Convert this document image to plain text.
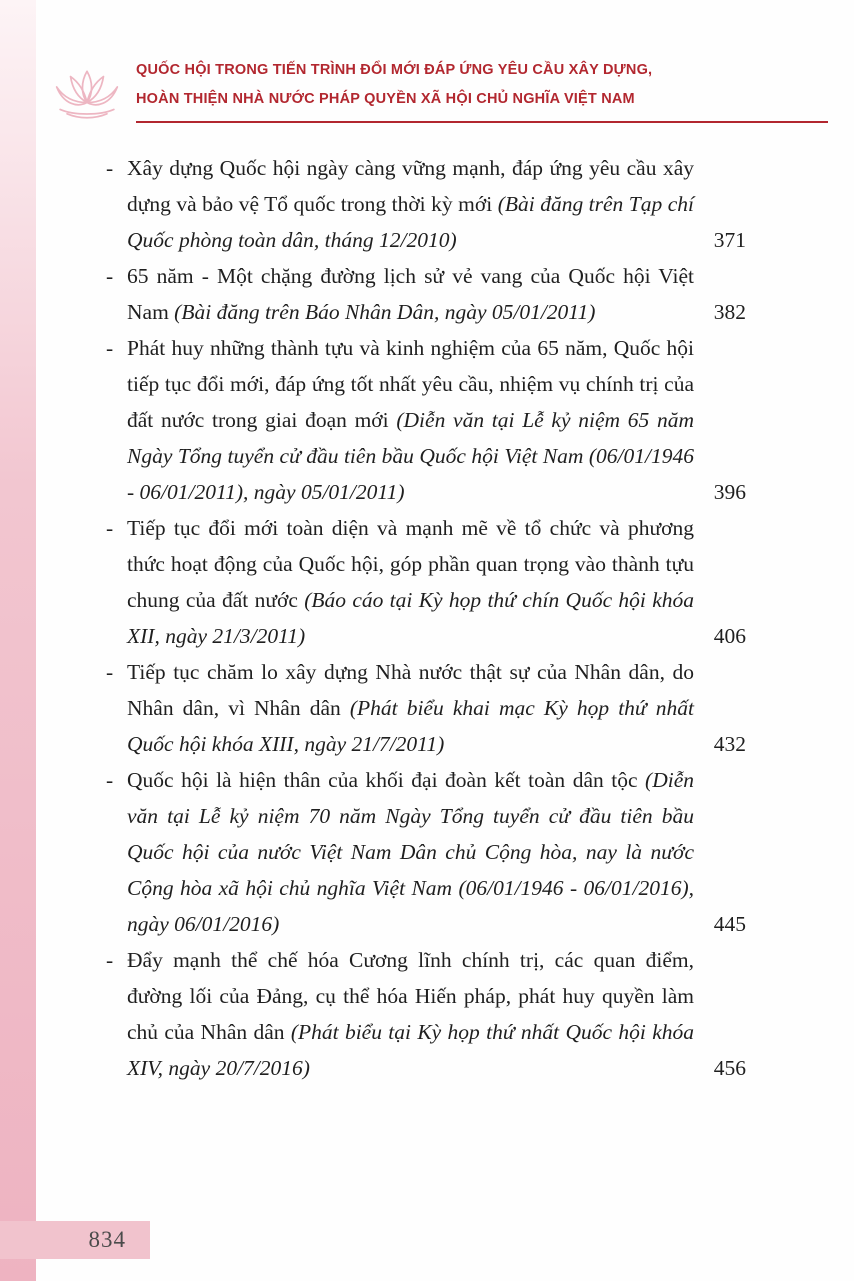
QUỐC HỘI TRONG TIẾN TRÌNH ĐỔI MỚI ĐÁP ỨNG YÊU CẦU XÂY DỰNG,
HOÀN THIỆN NHÀ NƯỚC PHÁP QUYỀN XÃ HỘI CHỦ NGHĨA VIỆT NAM
- Xây dựng Quốc hội ngày càng vững mạnh, đáp ứng yêu cầu xây dựng và bảo vệ Tổ quốc trong thời kỳ mới (Bài đăng trên Tạp chí Quốc phòng toàn dân, tháng 12/2010)	371
- 65 năm - Một chặng đường lịch sử vẻ vang của Quốc hội Việt Nam (Bài đăng trên Báo Nhân Dân, ngày 05/01/2011)	382
- Phát huy những thành tựu và kinh nghiệm của 65 năm, Quốc hội tiếp tục đổi mới, đáp ứng tốt nhất yêu cầu, nhiệm vụ chính trị của đất nước trong giai đoạn mới (Diễn văn tại Lễ kỷ niệm 65 năm Ngày Tổng tuyển cử đầu tiên bầu Quốc hội Việt Nam (06/01/1946 - 06/01/2011), ngày 05/01/2011)	396
- Tiếp tục đổi mới toàn diện và mạnh mẽ về tổ chức và phương thức hoạt động của Quốc hội, góp phần quan trọng vào thành tựu chung của đất nước (Báo cáo tại Kỳ họp thứ chín Quốc hội khóa XII, ngày 21/3/2011)	406
- Tiếp tục chăm lo xây dựng Nhà nước thật sự của Nhân dân, do Nhân dân, vì Nhân dân (Phát biểu khai mạc Kỳ họp thứ nhất Quốc hội khóa XIII, ngày 21/7/2011)	432
- Quốc hội là hiện thân của khối đại đoàn kết toàn dân tộc (Diễn văn tại Lễ kỷ niệm 70 năm Ngày Tổng tuyển cử đầu tiên bầu Quốc hội của nước Việt Nam Dân chủ Cộng hòa, nay là nước Cộng hòa xã hội chủ nghĩa Việt Nam (06/01/1946 - 06/01/2016), ngày 06/01/2016)	445
- Đẩy mạnh thể chế hóa Cương lĩnh chính trị, các quan điểm, đường lối của Đảng, cụ thể hóa Hiến pháp, phát huy quyền làm chủ của Nhân dân (Phát biểu tại Kỳ họp thứ nhất Quốc hội khóa XIV, ngày 20/7/2016)	456
834
